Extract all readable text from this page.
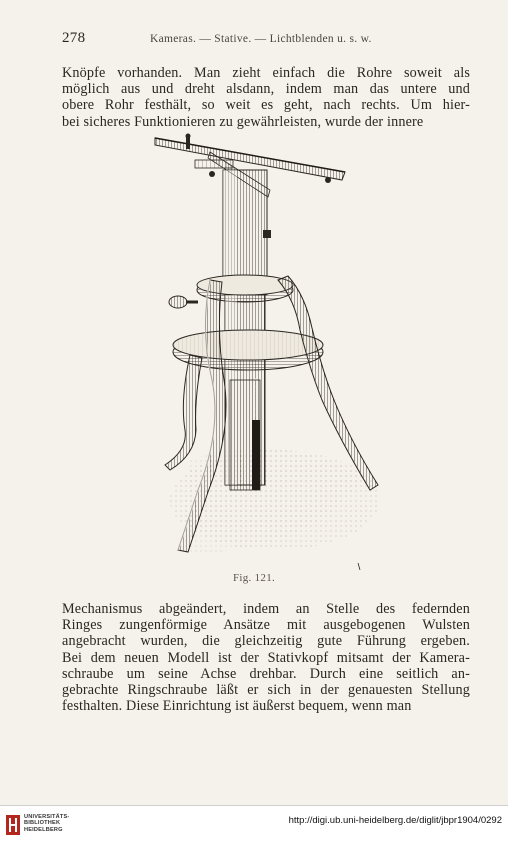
278	Kameras. — Stative. — Lichtblenden u. s. w.
Knöpfe vorhanden. Man zieht einfach die Rohre soweit als
möglich aus und dreht alsdann, indem man das untere und
obere Rohr festhält, so weit es geht, nach rechts. Um hier-
bei sicheres Funktionieren zu gewährleisten, wurde der innere
Fig. 121.
Mechanismus abgeändert, indem an Stelle des federnden
Ringes zungenförmige Ansätze mit ausgebogenen Wulsten
angebracht wurden, die gleichzeitig gute Führung ergeben.
Bei dem neuen Modell ist der Stativkopf mitsamt der Kamera-
schraube um seine Achse drehbar. Durch eine seitlich an-
gebrachte Ringschraube läßt er sich in der genauesten Stellung
festhalten. Diese Einrichtung ist äußerst bequem, wenn man
UNIVERSITÄTS-
BIBLIOTHEK
HEIDELBERG
http://digi.ub.uni-heidelberg.de/diglit/jbpr1904/0292
